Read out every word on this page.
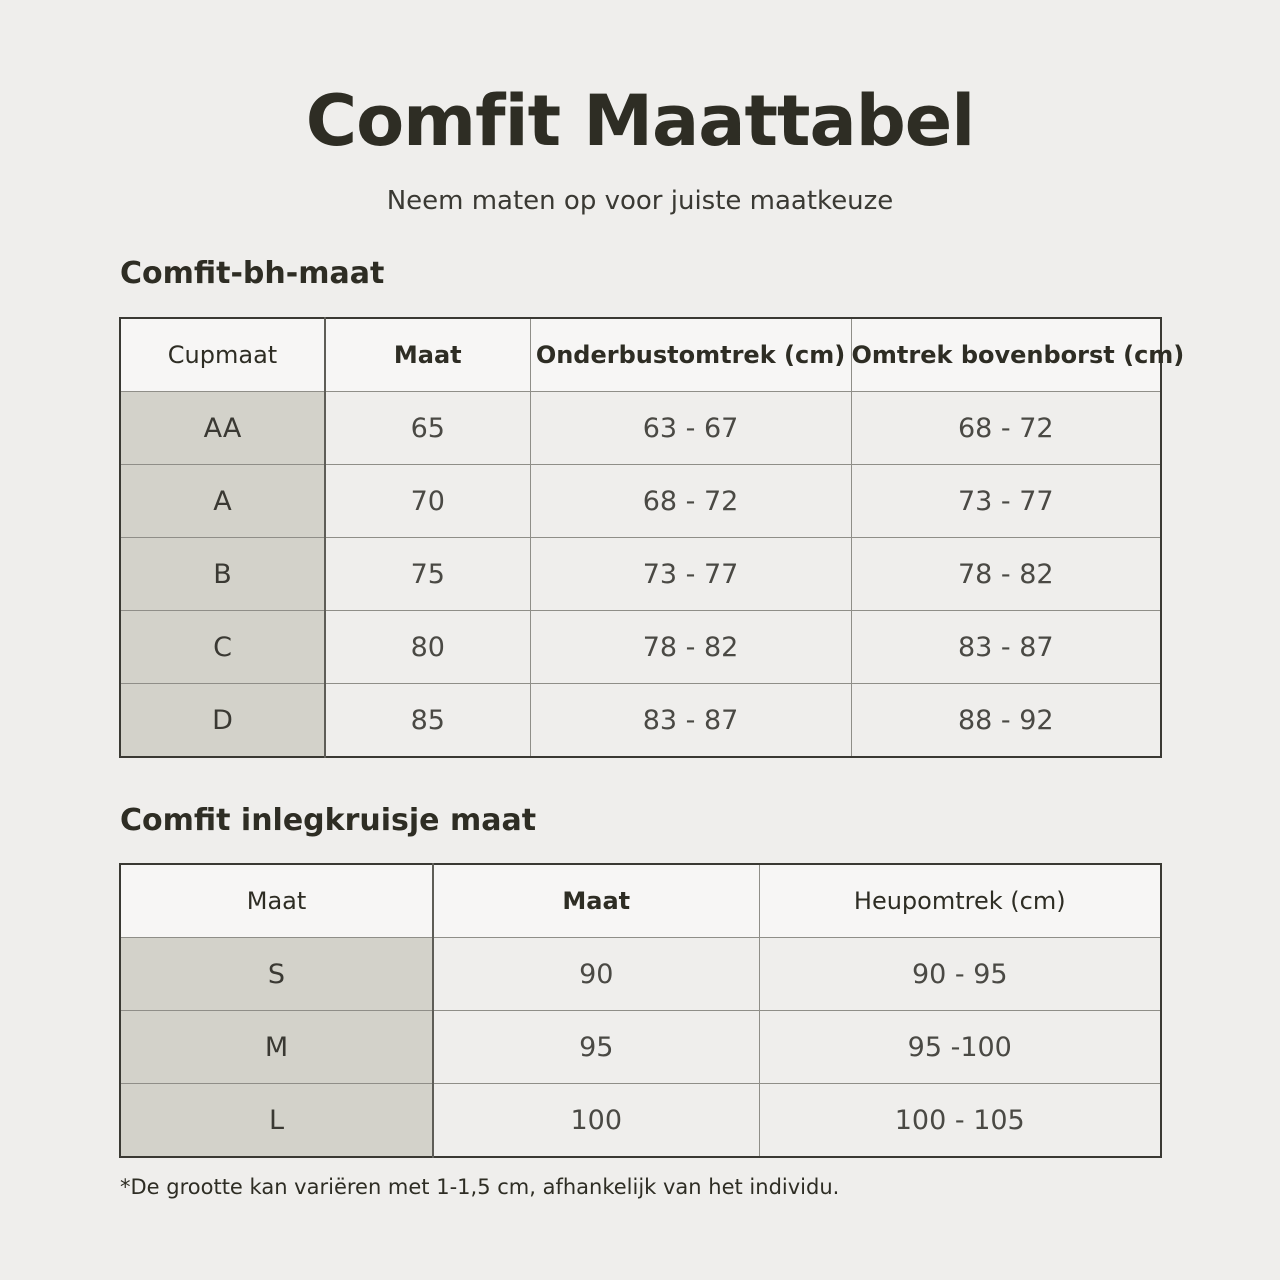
Comfit Maattabel
Neem maten op voor juiste maatkeuze
Comfit-bh-maat
Cupmaat	Maat	Onderbustomtrek (cm)	Omtrek bovenborst (cm)
AA	65	63 - 67	68 - 72
A	70	68 - 72	73 - 77
B	75	73 - 77	78 - 82
C	80	78 - 82	83 - 87
D	85	83 - 87	88 - 92
Comfit inlegkruisje maat
Maat	Maat	Heupomtrek (cm)
S	90	90 - 95
M	95	95 -100
L	100	100 - 105
*De grootte kan variëren met 1-1,5 cm, afhankelijk van het individu.
